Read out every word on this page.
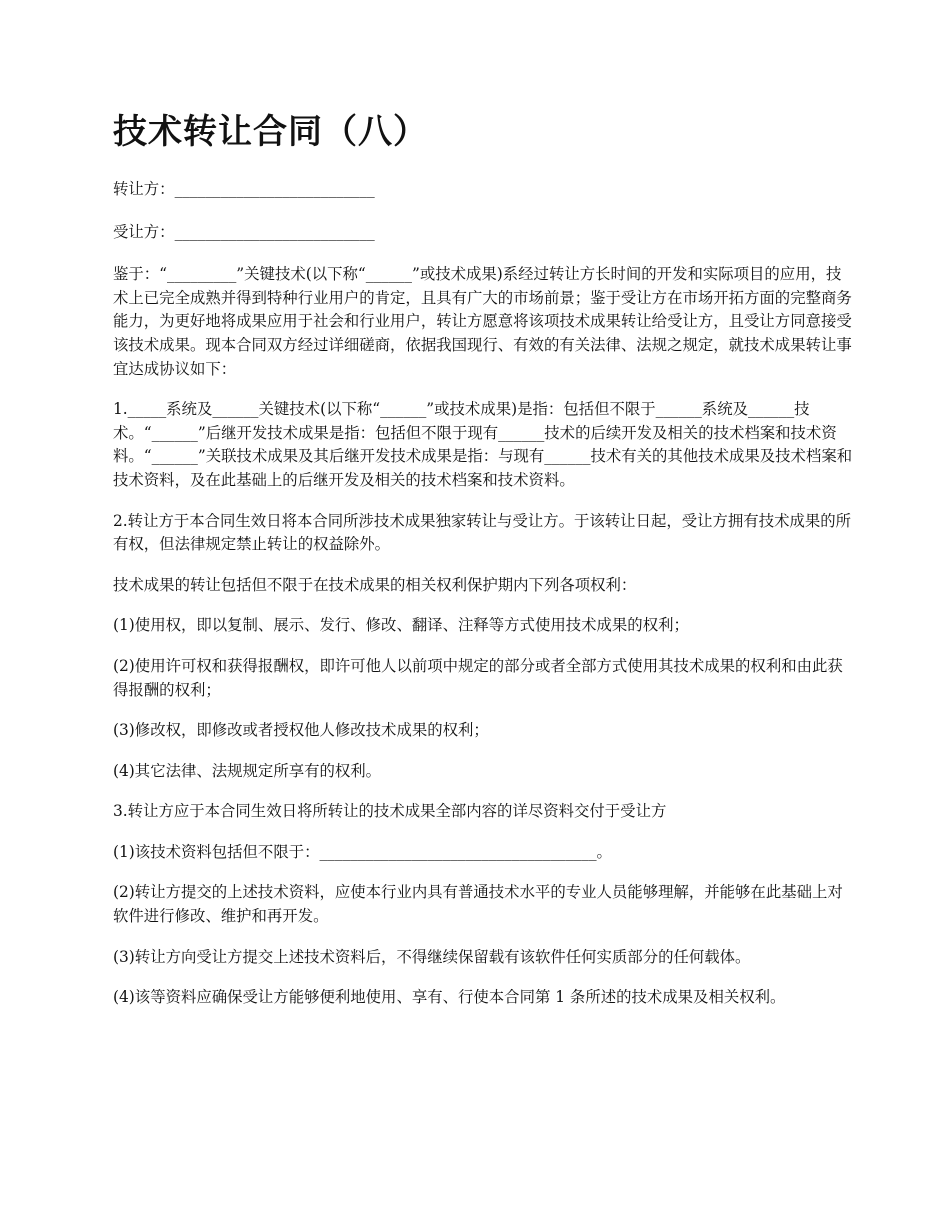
技术转让合同（八）

转让方：__________________________

受让方：__________________________

鉴于：“_________”关键技术(以下称“______”或技术成果)系经过转让方长时间的开发和实际项目的应用，技术上已完全成熟并得到特种行业用户的肯定，且具有广大的市场前景；鉴于受让方在市场开拓方面的完整商务能力，为更好地将成果应用于社会和行业用户，转让方愿意将该项技术成果转让给受让方，且受让方同意接受该技术成果。现本合同双方经过详细磋商，依据我国现行、有效的有关法律、法规之规定，就技术成果转让事宜达成协议如下：

1._____系统及______关键技术(以下称“______”或技术成果)是指：包括但不限于______系统及______技术。“______”后继开发技术成果是指：包括但不限于现有______技术的后续开发及相关的技术档案和技术资料。“______”关联技术成果及其后继开发技术成果是指：与现有______技术有关的其他技术成果及技术档案和技术资料，及在此基础上的后继开发及相关的技术档案和技术资料。

2.转让方于本合同生效日将本合同所涉技术成果独家转让与受让方。于该转让日起，受让方拥有技术成果的所有权，但法律规定禁止转让的权益除外。

技术成果的转让包括但不限于在技术成果的相关权利保护期内下列各项权利：

(1)使用权，即以复制、展示、发行、修改、翻译、注释等方式使用技术成果的权利；

(2)使用许可权和获得报酬权，即许可他人以前项中规定的部分或者全部方式使用其技术成果的权利和由此获得报酬的权利；

(3)修改权，即修改或者授权他人修改技术成果的权利；

(4)其它法律、法规规定所享有的权利。

3.转让方应于本合同生效日将所转让的技术成果全部内容的详尽资料交付于受让方

(1)该技术资料包括但不限于：____________________________________。

(2)转让方提交的上述技术资料，应使本行业内具有普通技术水平的专业人员能够理解，并能够在此基础上对软件进行修改、维护和再开发。

(3)转让方向受让方提交上述技术资料后，不得继续保留载有该软件任何实质部分的任何载体。

(4)该等资料应确保受让方能够便利地使用、享有、行使本合同第 1 条所述的技术成果及相关权利。
